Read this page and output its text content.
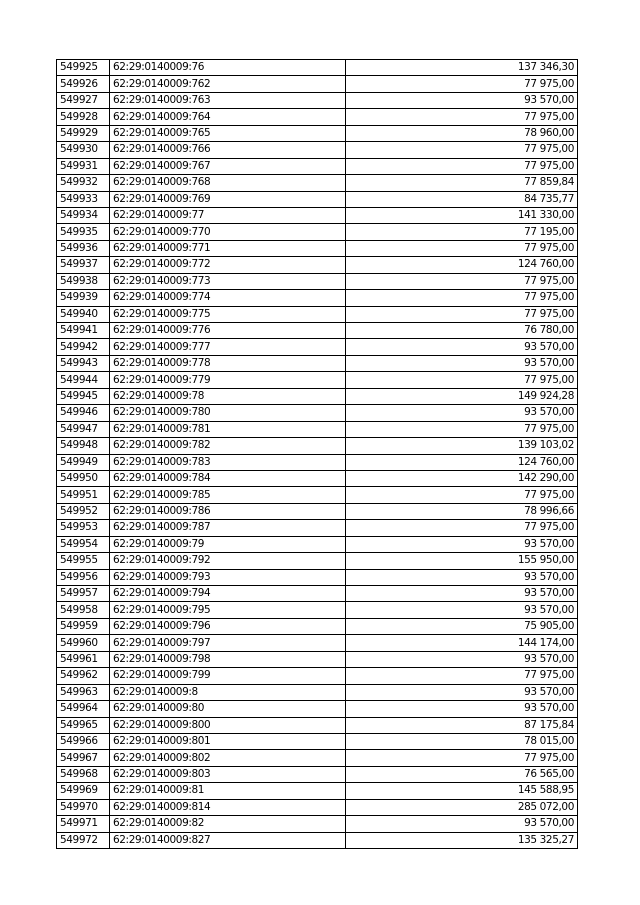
549925	62:29:0140009:76	137 346,30
549926	62:29:0140009:762	77 975,00
549927	62:29:0140009:763	93 570,00
549928	62:29:0140009:764	77 975,00
549929	62:29:0140009:765	78 960,00
549930	62:29:0140009:766	77 975,00
549931	62:29:0140009:767	77 975,00
549932	62:29:0140009:768	77 859,84
549933	62:29:0140009:769	84 735,77
549934	62:29:0140009:77	141 330,00
549935	62:29:0140009:770	77 195,00
549936	62:29:0140009:771	77 975,00
549937	62:29:0140009:772	124 760,00
549938	62:29:0140009:773	77 975,00
549939	62:29:0140009:774	77 975,00
549940	62:29:0140009:775	77 975,00
549941	62:29:0140009:776	76 780,00
549942	62:29:0140009:777	93 570,00
549943	62:29:0140009:778	93 570,00
549944	62:29:0140009:779	77 975,00
549945	62:29:0140009:78	149 924,28
549946	62:29:0140009:780	93 570,00
549947	62:29:0140009:781	77 975,00
549948	62:29:0140009:782	139 103,02
549949	62:29:0140009:783	124 760,00
549950	62:29:0140009:784	142 290,00
549951	62:29:0140009:785	77 975,00
549952	62:29:0140009:786	78 996,66
549953	62:29:0140009:787	77 975,00
549954	62:29:0140009:79	93 570,00
549955	62:29:0140009:792	155 950,00
549956	62:29:0140009:793	93 570,00
549957	62:29:0140009:794	93 570,00
549958	62:29:0140009:795	93 570,00
549959	62:29:0140009:796	75 905,00
549960	62:29:0140009:797	144 174,00
549961	62:29:0140009:798	93 570,00
549962	62:29:0140009:799	77 975,00
549963	62:29:0140009:8	93 570,00
549964	62:29:0140009:80	93 570,00
549965	62:29:0140009:800	87 175,84
549966	62:29:0140009:801	78 015,00
549967	62:29:0140009:802	77 975,00
549968	62:29:0140009:803	76 565,00
549969	62:29:0140009:81	145 588,95
549970	62:29:0140009:814	285 072,00
549971	62:29:0140009:82	93 570,00
549972	62:29:0140009:827	135 325,27
